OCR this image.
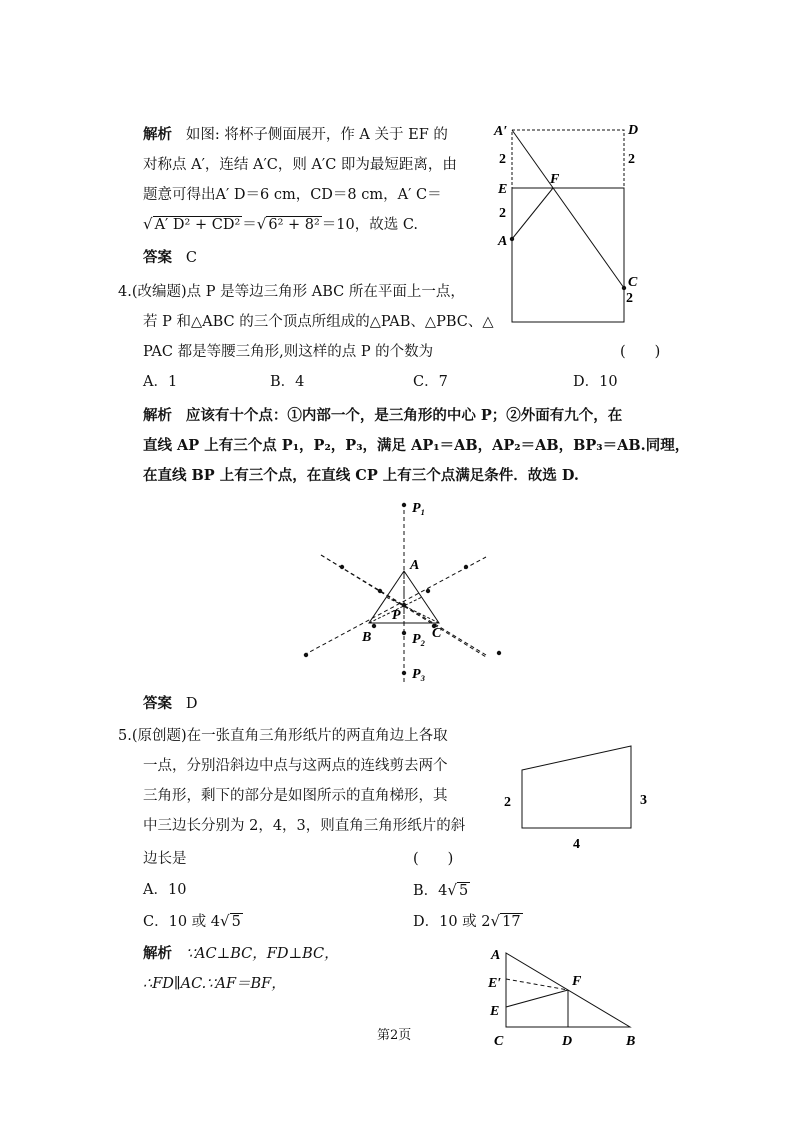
解析 如图: 将杯子侧面展开，作 A 关于 EF 的
对称点 A′，连结 A′C，则 A′C 即为最短距离，由
题意可得出A′ D＝6 cm，CD＝8 cm，A′ C＝
√ A′ D² + CD² ＝√ 6² + 8² ＝10，故选 C.
答案 C
A′	D
2	2
E
F
2
A
C
2
4.(改编题)点 P 是等边三角形 ABC 所在平面上一点，
若 P 和△ABC 的三个顶点所组成的△PAB、△PBC、△
PAC 都是等腰三角形,则这样的点 P 的个数为	(　　)
A．1	B．4	C．7	D．10
解析 应该有十个点：①内部一个，是三角形的中心 P；②外面有九个，在
直线 AP 上有三个点 P₁，P₂，P₃，满足 AP₁＝AB，AP₂＝AB，BP₃＝AB.同理，
在直线 BP 上有三个点，在直线 CP 上有三个点满足条件．故选 D.
P₁
A
P
B	C
P₂
P₃
答案 D
5.(原创题)在一张直角三角形纸片的两直角边上各取
一点，分别沿斜边中点与这两点的连线剪去两个
三角形，剩下的部分是如图所示的直角梯形，其
中三边长分别为 2，4，3，则直角三角形纸片的斜
边长是	(　　)
2	3
4
A．10	B．4√ 5
C．10 或 4√ 5	D．10 或 2√ 17
解析 ∵AC⊥BC，FD⊥BC，
∴FD∥AC.∵AF＝BF，
A
E′	F
E
C	D	B
第2页
